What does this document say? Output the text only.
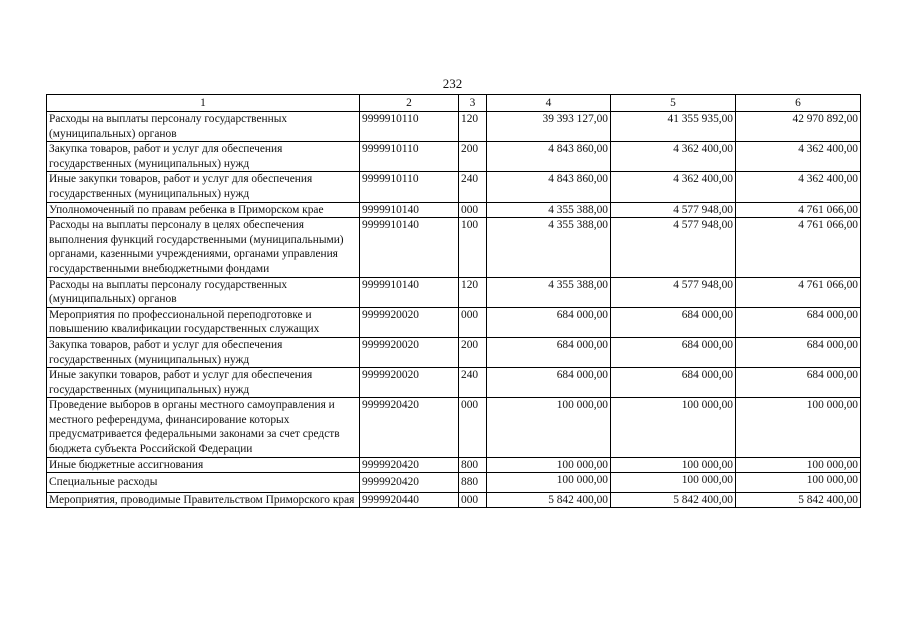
232
1	2	3	4	5	6
Расходы на выплаты персоналу государственных (муниципальных) органов	9999910110	120	39 393 127,00	41 355 935,00	42 970 892,00
Закупка товаров, работ и услуг для обеспечения государственных (муниципальных) нужд	9999910110	200	4 843 860,00	4 362 400,00	4 362 400,00
Иные закупки товаров, работ и услуг для обеспечения государственных (муниципальных) нужд	9999910110	240	4 843 860,00	4 362 400,00	4 362 400,00
Уполномоченный по правам ребенка в Приморском крае	9999910140	000	4 355 388,00	4 577 948,00	4 761 066,00
Расходы на выплаты персоналу в целях обеспечения выполнения функций государственными (муниципальными) органами, казенными учреждениями, органами управления государственными внебюджетными фондами	9999910140	100	4 355 388,00	4 577 948,00	4 761 066,00
Расходы на выплаты персоналу государственных (муниципальных) органов	9999910140	120	4 355 388,00	4 577 948,00	4 761 066,00
Мероприятия по профессиональной переподготовке и повышению квалификации государственных служащих	9999920020	000	684 000,00	684 000,00	684 000,00
Закупка товаров, работ и услуг для обеспечения государственных (муниципальных) нужд	9999920020	200	684 000,00	684 000,00	684 000,00
Иные закупки товаров, работ и услуг для обеспечения государственных (муниципальных) нужд	9999920020	240	684 000,00	684 000,00	684 000,00
Проведение выборов в органы местного самоуправления и местного референдума, финансирование которых предусматривается федеральными законами за счет средств бюджета субъекта Российской Федерации	9999920420	000	100 000,00	100 000,00	100 000,00
Иные бюджетные ассигнования	9999920420	800	100 000,00	100 000,00	100 000,00
Специальные расходы	9999920420	880	100 000,00	100 000,00	100 000,00
Мероприятия, проводимые Правительством Приморского края	9999920440	000	5 842 400,00	5 842 400,00	5 842 400,00
